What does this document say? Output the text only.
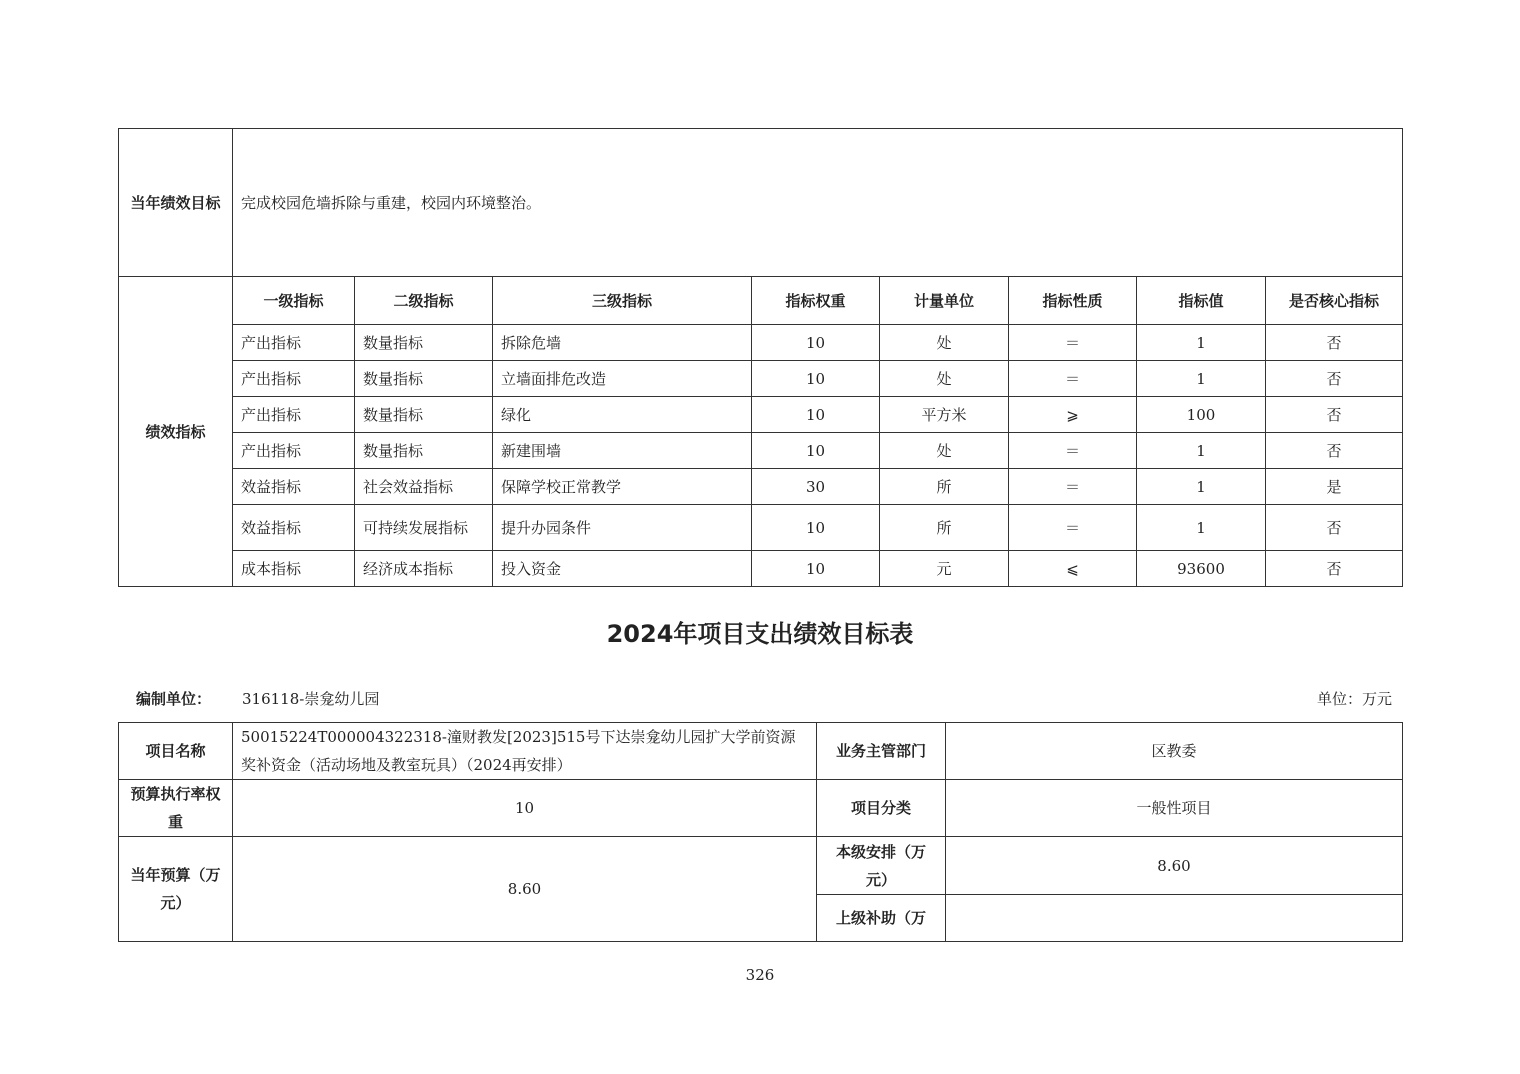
当年绩效目标	完成校园危墙拆除与重建，校园内环境整治。							
绩效指标	一级指标	二级指标	三级指标	指标权重	计量单位	指标性质	指标值	是否核心指标
	产出指标	数量指标	拆除危墙	10	处	＝	1	否
	产出指标	数量指标	立墙面排危改造	10	处	＝	1	否
	产出指标	数量指标	绿化	10	平方米	⩾	100	否
	产出指标	数量指标	新建围墙	10	处	＝	1	否
	效益指标	社会效益指标	保障学校正常教学	30	所	＝	1	是
	效益指标	可持续发展指标	提升办园条件	10	所	＝	1	否
	成本指标	经济成本指标	投入资金	10	元	⩽	93600	否
2024年项目支出绩效目标表
编制单位： 316118-崇龛幼儿园	单位：万元
项目名称	50015224T000004322318-潼财教发[2023]515号下达崇龛幼儿园扩大学前资源奖补资金（活动场地及教室玩具）（2024再安排）	业务主管部门	区教委
预算执行率权重	10	项目分类	一般性项目
当年预算（万元）	8.60	本级安排（万元）	8.60
		上级补助（万	
326
